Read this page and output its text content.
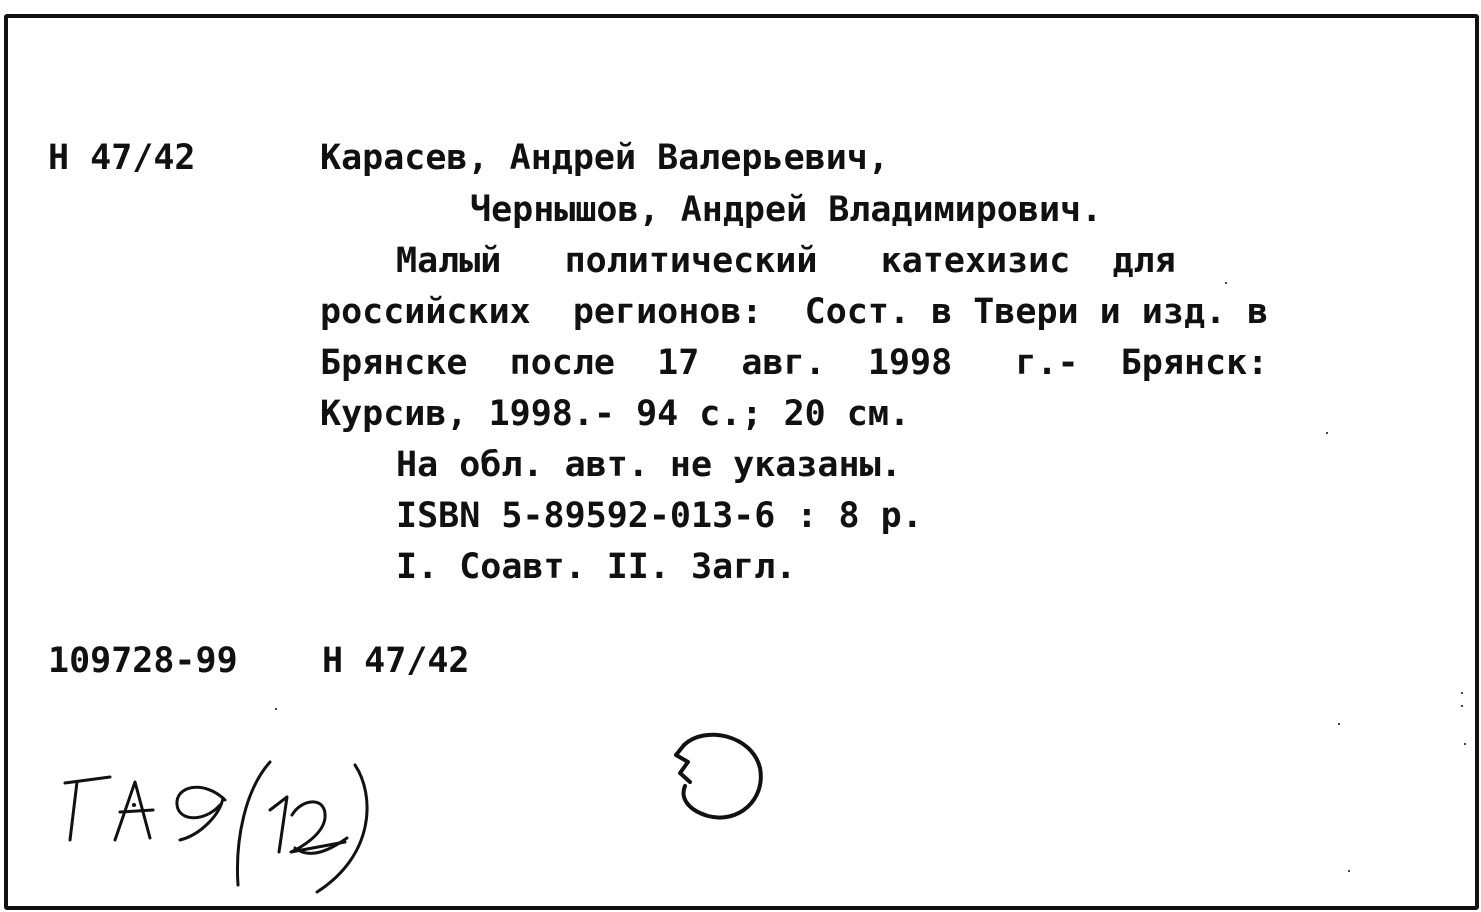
Н 47/42	Карасев, Андрей Валерьевич,
Чернышов, Андрей Владимирович.
Малый   политический   катехизис  для
российских  регионов:  Сост. в Твери и изд. в
Брянске  после  17  авг.  1998   г.-  Брянск:
Курсив, 1998.- 94 с.; 20 см.
На обл. авт. не указаны.
ISBN 5-89592-013-6 : 8 р.
I. Соавт. II. Загл.
109728-99 Н 47/42
